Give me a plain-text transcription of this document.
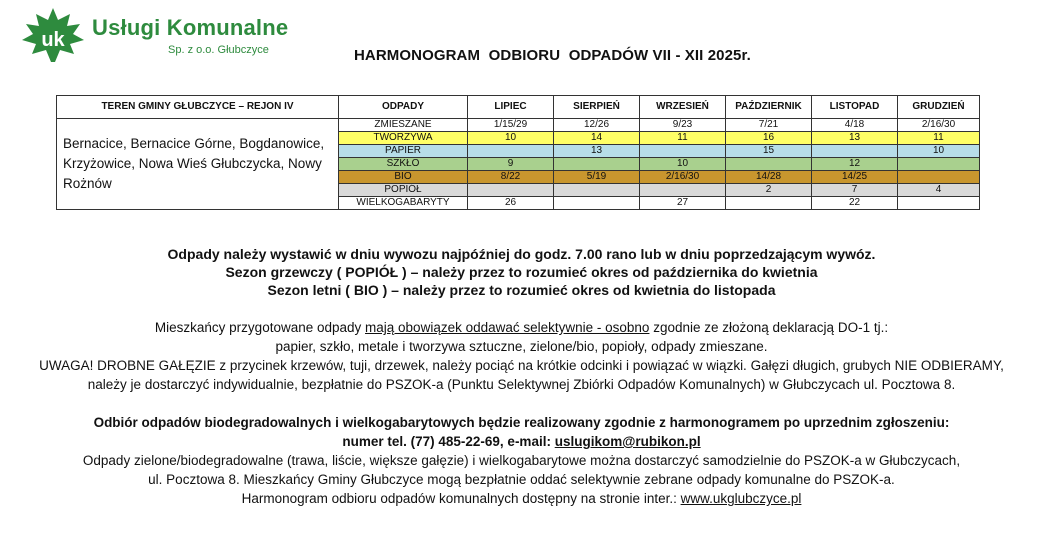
uk Usługi Komunalne
Sp. z o.o. Głubczyce	HARMONOGRAM  ODBIORU  ODPADÓW VII - XII 2025r.
TEREN GMINY GŁUBCZYCE – REJON IV	ODPADY	LIPIEC	SIERPIEŃ	WRZESIEŃ	PAŹDZIERNIK	LISTOPAD	GRUDZIEŃ
Bernacice, Bernacice Górne, Bogdanowice, Krzyżowice, Nowa Wieś Głubczycka, Nowy Rożnów	ZMIESZANE	1/15/29	12/26	9/23	7/21	4/18	2/16/30
	TWORZYWA	10	14	11	16	13	11
	PAPIER		13		15		10
	SZKŁO	9		10		12	
	BIO	8/22	5/19	2/16/30	14/28	14/25	
	POPIÓŁ				2	7	4
	WIELKOGABARYTY	26		27		22	

Odpady należy wystawić w dniu wywozu najpóźniej do godz. 7.00 rano lub w dniu poprzedzającym wywóz.

Sezon grzewczy ( POPIÓŁ ) – należy przez to rozumieć okres od października do kwietnia

Sezon letni ( BIO ) – należy przez to rozumieć okres od kwietnia do listopada

Mieszkańcy przygotowane odpady mają obowiązek oddawać selektywnie - osobno zgodnie ze złożoną deklaracją DO-1 tj.:

papier, szkło, metale i tworzywa sztuczne, zielone/bio, popioły, odpady zmieszane.

UWAGA! DROBNE GAŁĘZIE z przycinek krzewów, tuji, drzewek, należy pociąć na krótkie odcinki i powiązać w wiązki. Gałęzi długich, grubych NIE ODBIERAMY,

należy je dostarczyć indywidualnie, bezpłatnie do PSZOK-a (Punktu Selektywnej Zbiórki Odpadów Komunalnych) w Głubczycach ul. Pocztowa 8.

Odbiór odpadów biodegradowalnych i wielkogabarytowych będzie realizowany zgodnie z harmonogramem po uprzednim zgłoszeniu:

numer tel. (77) 485-22-69, e-mail: uslugikom@rubikon.pl

Odpady zielone/biodegradowalne (trawa, liście, większe gałęzie) i wielkogabarytowe można dostarczyć samodzielnie do PSZOK-a w Głubczycach,

ul. Pocztowa 8. Mieszkańcy Gminy Głubczyce mogą bezpłatnie oddać selektywnie zebrane odpady komunalne do PSZOK-a.

Harmonogram odbioru odpadów komunalnych dostępny na stronie inter.: www.ukglubczyce.pl
